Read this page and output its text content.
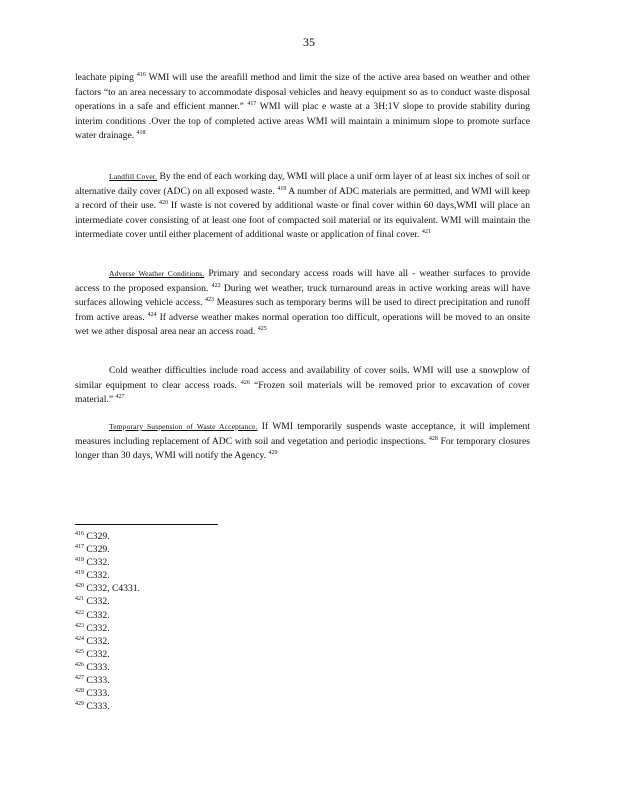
35

leachate piping $^{416}$ WMI will use the areafill method and limit the size of the active area based on weather and other factors “to an area necessary to accommodate disposal vehicles and heavy equipment so as to conduct waste disposal operations in a safe and efficient manner.” $^{417}$ WMI will plac e waste at a 3H:1V slope to provide stability during interim conditions .Over the top of completed active areas WMI will maintain a minimum slope to promote surface water drainage. $^{418}$

Landfill Cover. By the end of each working day, WMI will place a unif orm layer of at least six inches of soil or alternative daily cover (ADC) on all exposed waste. $^{419}$ A number of ADC materials are permitted, and WMI will keep a record of their use. $^{420}$ If waste is not covered by additional waste or final cover within 60 days,WMI will place an intermediate cover consisting of at least one foot of compacted soil material or its equivalent. WMI will maintain the intermediate cover until either placement of additional waste or application of final cover. $^{421}$

Adverse Weather Conditions. Primary and secondary access roads will have all - weather surfaces to provide access to the proposed expansion. $^{422}$ During wet weather, truck turnaround areas in active working areas will have surfaces allowing vehicle access. $^{423}$ Measures such as temporary berms will be used to direct precipitation and runoff from active areas. $^{424}$ If adverse weather makes normal operation too difficult, operations will be moved to an onsite wet we ather disposal area near an access road. $^{425}$

Cold weather difficulties include road access and availability of cover soils. WMI will use a snowplow of similar equipment to clear access roads. $^{426}$ “Frozen soil materials will be removed prior to excavation of cover material.” $^{427}$

Temporary Suspension of Waste Acceptance. If WMI temporarily suspends waste acceptance, it will implement measures including replacement of ADC with soil and vegetation and periodic inspections. $^{428}$ For temporary closures longer than 30 days, WMI will notify the Agency. $^{429}$

$^{416}$ C329.
$^{417}$ C329.
$^{418}$ C332.
$^{419}$ C332.
$^{420}$ C332, C4331.
$^{421}$ C332.
$^{422}$ C332.
$^{423}$ C332.
$^{424}$ C332.
$^{425}$ C332.
$^{426}$ C333.
$^{427}$ C333.
$^{428}$ C333.
$^{429}$ C333.
